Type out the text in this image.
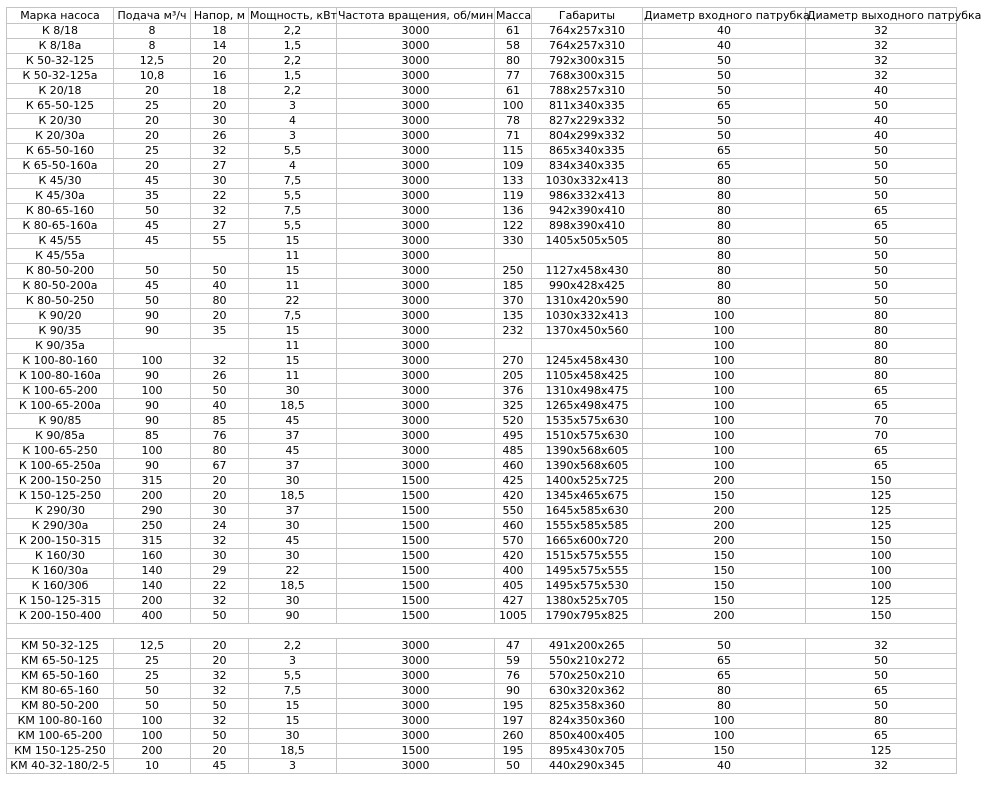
Марка насоса	Подача м³/ч	Напор, м	Мощность, кВт	Частота вращения, об/мин	Масса	Габариты	Диаметр входного патрубка	Диаметр выходного патрубка
К 8/18	8	18	2,2	3000	61	764x257x310	40	32
К 8/18а	8	14	1,5	3000	58	764x257x310	40	32
К 50-32-125	12,5	20	2,2	3000	80	792x300x315	50	32
К 50-32-125а	10,8	16	1,5	3000	77	768x300x315	50	32
К 20/18	20	18	2,2	3000	61	788x257x310	50	40
К 65-50-125	25	20	3	3000	100	811x340x335	65	50
К 20/30	20	30	4	3000	78	827x229x332	50	40
К 20/30а	20	26	3	3000	71	804x299x332	50	40
К 65-50-160	25	32	5,5	3000	115	865x340x335	65	50
К 65-50-160а	20	27	4	3000	109	834x340x335	65	50
К 45/30	45	30	7,5	3000	133	1030x332x413	80	50
К 45/30а	35	22	5,5	3000	119	986x332x413	80	50
К 80-65-160	50	32	7,5	3000	136	942x390x410	80	65
К 80-65-160а	45	27	5,5	3000	122	898x390x410	80	65
К 45/55	45	55	15	3000	330	1405x505x505	80	50
К 45/55а			11	3000			80	50
К 80-50-200	50	50	15	3000	250	1127x458x430	80	50
К 80-50-200а	45	40	11	3000	185	990x428x425	80	50
К 80-50-250	50	80	22	3000	370	1310x420x590	80	50
К 90/20	90	20	7,5	3000	135	1030x332x413	100	80
К 90/35	90	35	15	3000	232	1370x450x560	100	80
К 90/35а			11	3000			100	80
К 100-80-160	100	32	15	3000	270	1245x458x430	100	80
К 100-80-160а	90	26	11	3000	205	1105x458x425	100	80
К 100-65-200	100	50	30	3000	376	1310x498x475	100	65
К 100-65-200а	90	40	18,5	3000	325	1265x498x475	100	65
К 90/85	90	85	45	3000	520	1535x575x630	100	70
К 90/85а	85	76	37	3000	495	1510x575x630	100	70
К 100-65-250	100	80	45	3000	485	1390x568x605	100	65
К 100-65-250а	90	67	37	3000	460	1390x568x605	100	65
К 200-150-250	315	20	30	1500	425	1400x525x725	200	150
К 150-125-250	200	20	18,5	1500	420	1345x465x675	150	125
К 290/30	290	30	37	1500	550	1645x585x630	200	125
К 290/30а	250	24	30	1500	460	1555x585x585	200	125
К 200-150-315	315	32	45	1500	570	1665x600x720	200	150
К 160/30	160	30	30	1500	420	1515x575x555	150	100
К 160/30а	140	29	22	1500	400	1495x575x555	150	100
К 160/30б	140	22	18,5	1500	405	1495x575x530	150	100
К 150-125-315	200	32	30	1500	427	1380x525x705	150	125
К 200-150-400	400	50	90	1500	1005	1790x795x825	200	150

КМ 50-32-125	12,5	20	2,2	3000	47	491x200x265	50	32
КМ 65-50-125	25	20	3	3000	59	550x210x272	65	50
КМ 65-50-160	25	32	5,5	3000	76	570x250x210	65	50
КМ 80-65-160	50	32	7,5	3000	90	630x320x362	80	65
КМ 80-50-200	50	50	15	3000	195	825x358x360	80	50
КМ 100-80-160	100	32	15	3000	197	824x350x360	100	80
КМ 100-65-200	100	50	30	3000	260	850x400x405	100	65
КМ 150-125-250	200	20	18,5	1500	195	895x430x705	150	125
КМ 40-32-180/2-5	10	45	3	3000	50	440x290x345	40	32
